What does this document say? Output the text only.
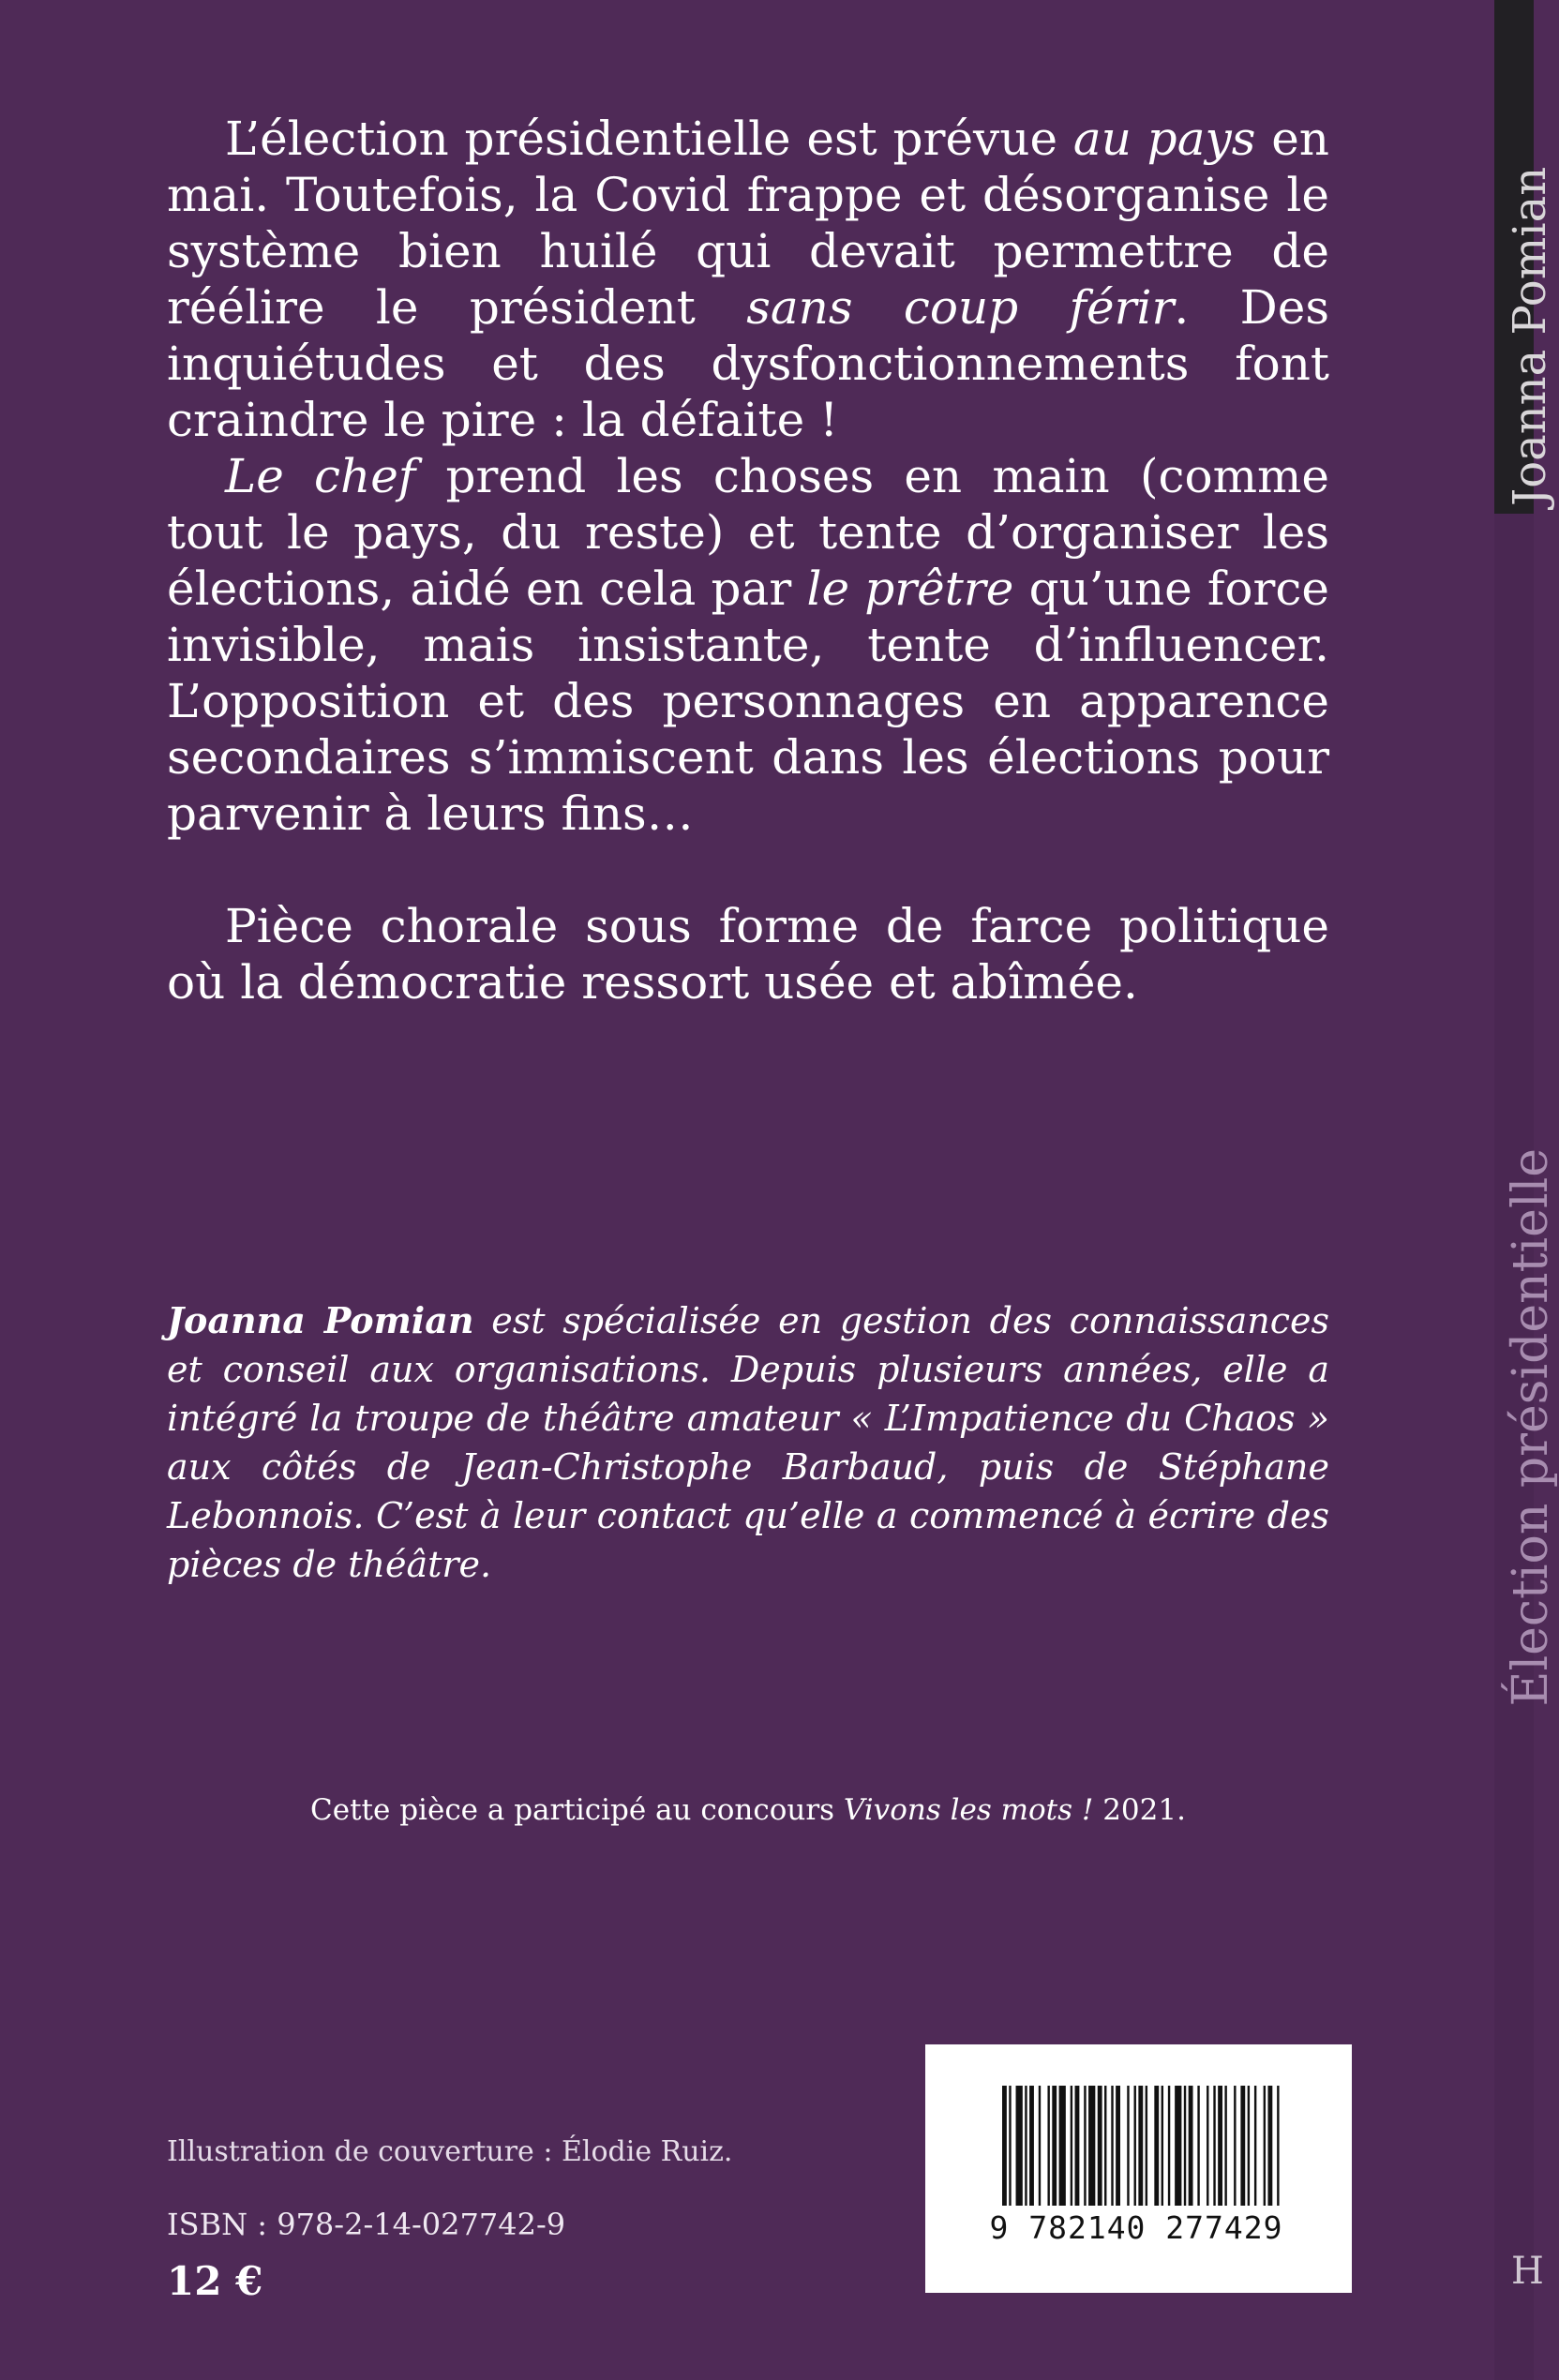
L’élection présidentielle est prévue au pays en mai. Toutefois, la Covid frappe et désorganise le système bien huilé qui devait permettre de réélire le président sans coup férir. Des inquiétudes et des dysfonctionnements font craindre le pire : la défaite !

Le chef prend les choses en main (comme tout le pays, du reste) et tente d’organiser les élections, aidé en cela par le prêtre qu’une force invisible, mais insistante, tente d’influencer. L’opposition et des personnages en apparence secondaires s’immiscent dans les élections pour parvenir à leurs fins…

Pièce chorale sous forme de farce politique où la démocratie ressort usée et abîmée.

Joanna Pomian est spécialisée en gestion des connaissances et conseil aux organisations. Depuis plusieurs années, elle a intégré la troupe de théâtre amateur « L’Impatience du Chaos » aux côtés de Jean-Christophe Barbaud, puis de Stéphane Lebonnois. C’est à leur contact qu’elle a commencé à écrire des pièces de théâtre.

Cette pièce a participé au concours Vivons les mots ! 2021.

Illustration de couverture : Élodie Ruiz.

ISBN : 978-2-14-027742-9

12 €

9 782140 277429

Joanna Pomian
Élection présidentielle
H
